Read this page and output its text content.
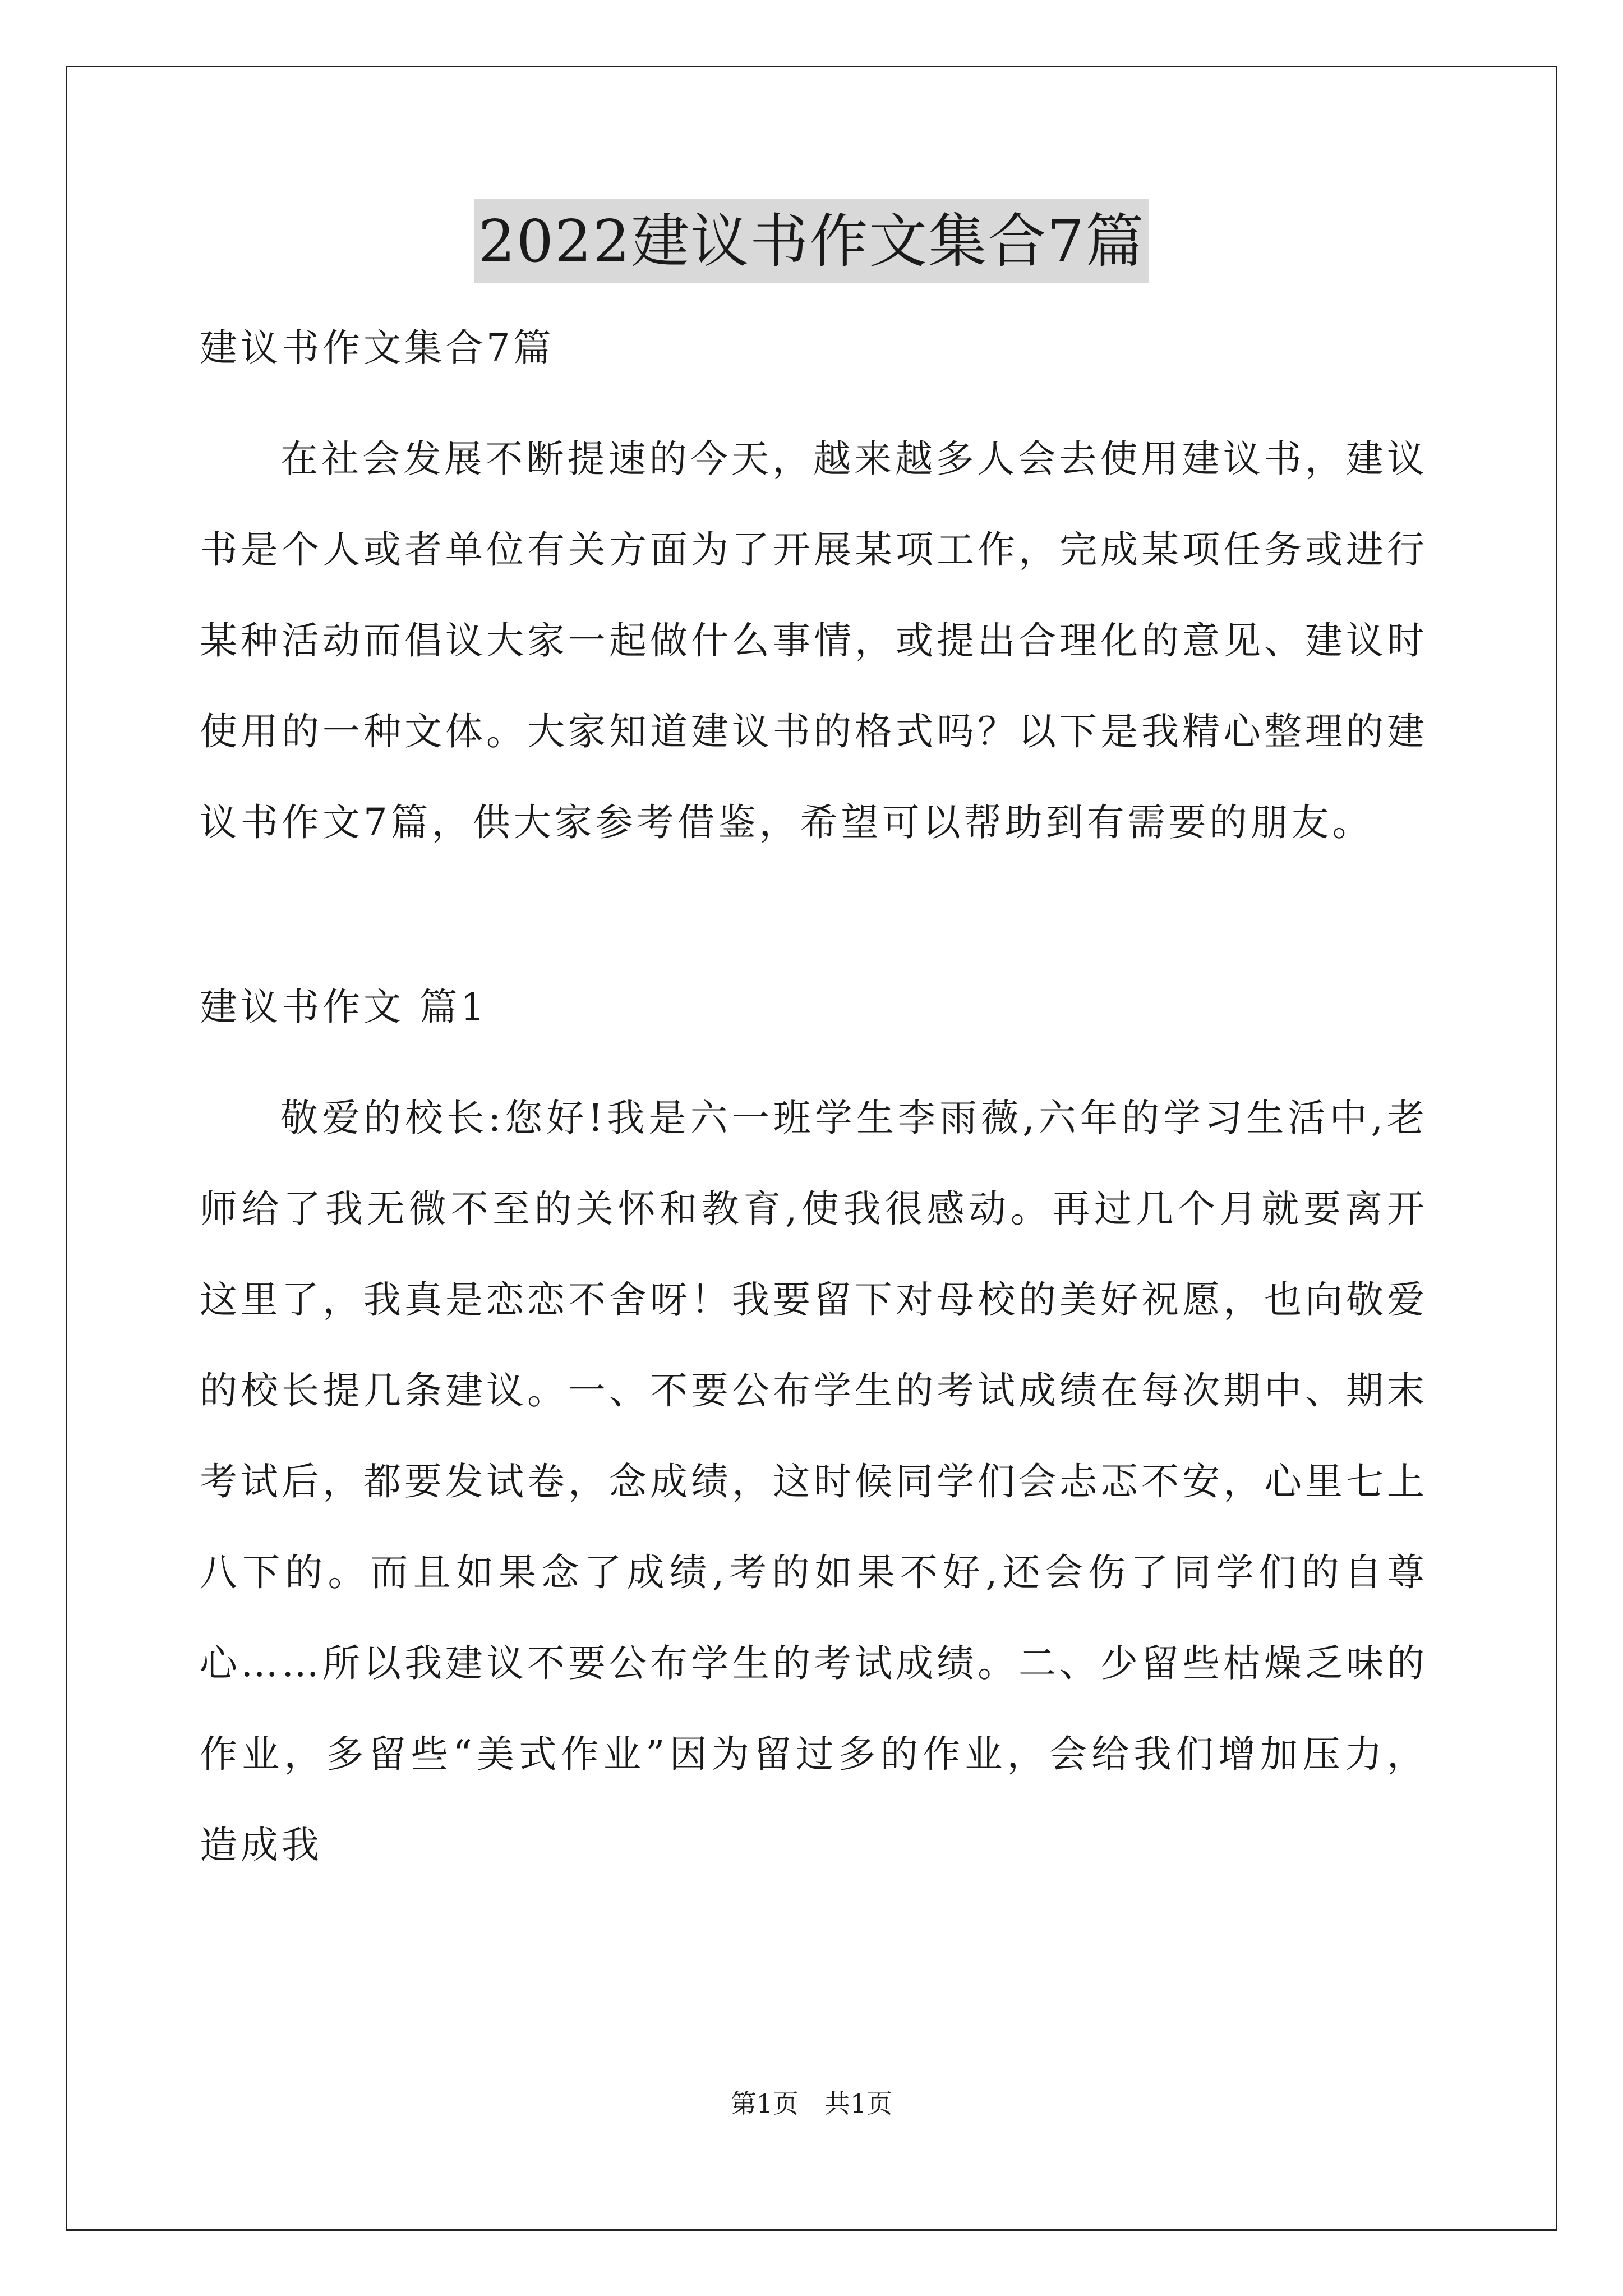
2022建议书作文集合7篇

建议书作文集合7篇

在社会发展不断提速的今天，越来越多人会去使用建议书，建议书是个人或者单位有关方面为了开展某项工作，完成某项任务或进行某种活动而倡议大家一起做什么事情，或提出合理化的意见、建议时使用的一种文体。大家知道建议书的格式吗？以下是我精心整理的建议书作文7篇，供大家参考借鉴，希望可以帮助到有需要的朋友。

建议书作文 篇1

敬爱的校长:您好!我是六一班学生李雨薇,六年的学习生活中,老师给了我无微不至的关怀和教育,使我很感动。再过几个月就要离开这里了，我真是恋恋不舍呀！我要留下对母校的美好祝愿，也向敬爱的校长提几条建议。一、不要公布学生的考试成绩在每次期中、期末考试后，都要发试卷，念成绩，这时候同学们会忐忑不安，心里七上八下的。而且如果念了成绩,考的如果不好,还会伤了同学们的自尊心……所以我建议不要公布学生的考试成绩。二、少留些枯燥乏味的作业，多留些“美式作业”因为留过多的作业，会给我们增加压力，造成我

第1页　共1页
